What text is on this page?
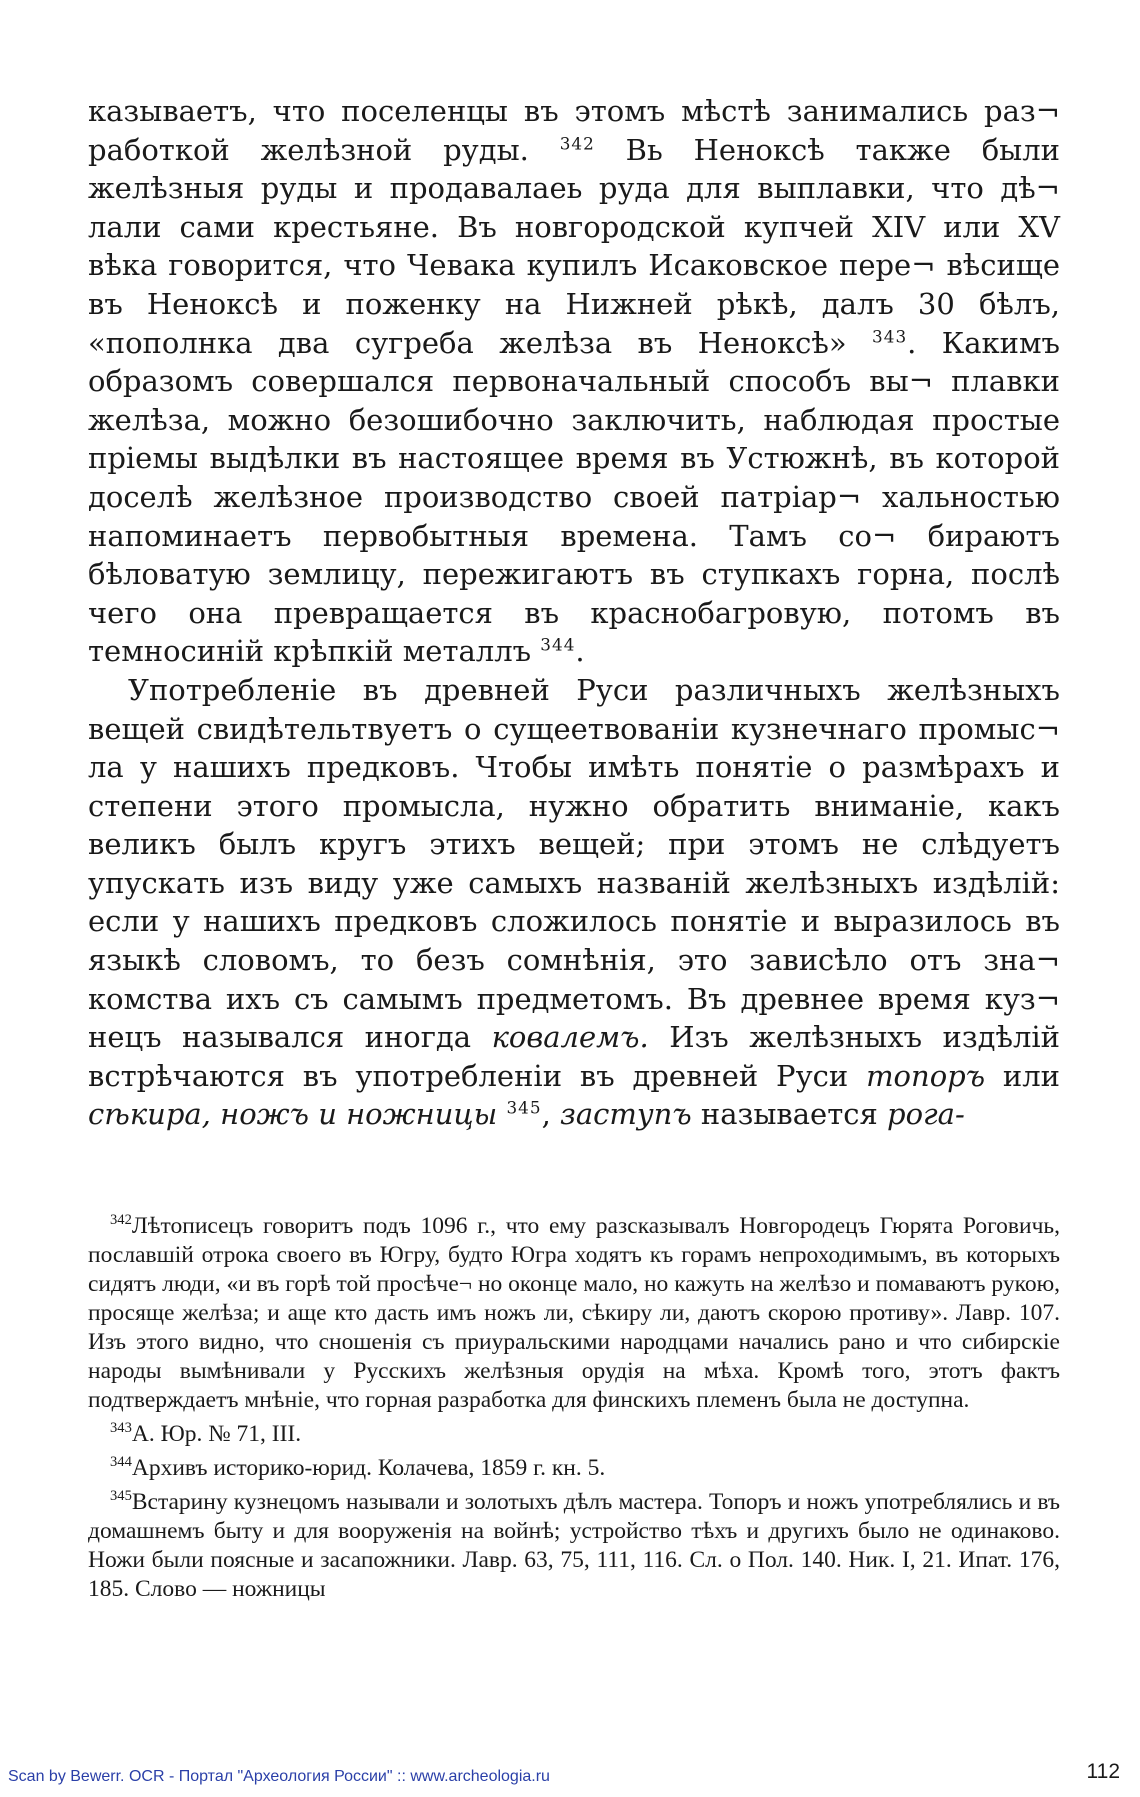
казываетъ, что поселенцы въ этомъ мѣстѣ занимались раз¬ работкой желѣзной руды. $^{342}$ Вь Ненoксѣ также были желѣзныя руды и продавалаеь руда для выплавки, что дѣ¬ лали сами крестьяне. Въ новгородской купчей XIV или XV вѣка говорится, что Чевака купилъ Исаковское пере¬ вѣсище въ Ненoксѣ и поженку на Нижней рѣкѣ, далъ 30 бѣлъ, «пополнка два сугреба желѣза въ Ненoксѣ» $^{343}$. Какимъ образомъ совершался первоначальный способъ вы¬ плавки желѣза, можно безошибочно заключить, наблюдая простые пріемы выдѣлки въ настоящее время въ Устюжнѣ, въ которой доселѣ желѣзное производство своей патріар¬ хальностью напоминаетъ первобытныя времена. Тамъ со¬ бираютъ бѣловатую землицу, пережигаютъ въ ступкахъ горна, послѣ чего она превращается въ краснобагровую, потомъ въ темносиній крѣпкій металлъ $^{344}$.

Употребленіе въ древней Руси различныхъ желѣзныхъ вещей свидѣтельтвуетъ о сущеетвованіи кузнечнаго промыс¬ ла у нашихъ предковъ. Чтобы имѣть понятіе о размѣрахъ и степени этого промысла, нужно обратить вниманіе, какъ великъ былъ кругъ этихъ вещей; при этомъ не слѣдуетъ упускать изъ виду уже самыхъ названій желѣзныхъ издѣлій: если у нашихъ предковъ сложилось понятіе и выразилось въ языкѣ словомъ, то безъ сомнѣнія, это зависѣло отъ зна¬ комства ихъ съ самымъ предметомъ. Въ древнее время куз¬ нецъ назывался иногда ковалемъ. Изъ желѣзныхъ издѣлій встрѣчаются въ употребленіи въ древней Руси топоръ или сѣкира, ножъ и ножницы $^{345}$, заступъ называется рога-

$^{342}$Лѣтописецъ говоритъ подъ 1096 г., что ему разсказывалъ Новгородецъ Гюрята Роговичь, пославшій отрока своего въ Югру, будто Югра ходятъ къ горамъ непроходимымъ, въ которыхъ сидятъ люди, «и въ горѣ той просѣче¬ но оконце мало, но кажуть на желѣзо и помаваютъ рукою, просяще желѣза; и аще кто дасть имъ ножъ ли, сѣкиру ли, даютъ скорою противу». Лавр. 107. Изъ этого видно, что сношенія съ приуральскими народцами начались рано и что сибирскіе народы вымѣнивали у Русскихъ желѣзныя орудія на мѣха. Кромѣ того, этотъ фактъ подтверждаетъ мнѣніе, что горная разработка для финскихъ племенъ была не доступна.

$^{343}$А. Юр. № 71, III.

$^{344}$Архивъ историко-юрид. Колачева, 1859 г. кн. 5.

$^{345}$Встарину кузнецомъ называли и золотыхъ дѣлъ мастера. Топоръ и ножъ употреблялись и въ домашнемъ быту и для вооруженія на войнѣ; устройство тѣхъ и другихъ было не одинаково. Ножи были поясные и засапожники. Лавр. 63, 75, 111, 116. Сл. о Пол. 140. Ник. I, 21. Ипат. 176, 185. Слово — ножницы

Scan by Bewerr. OCR - Портал "Археология России" :: www.archeologia.ru	112
